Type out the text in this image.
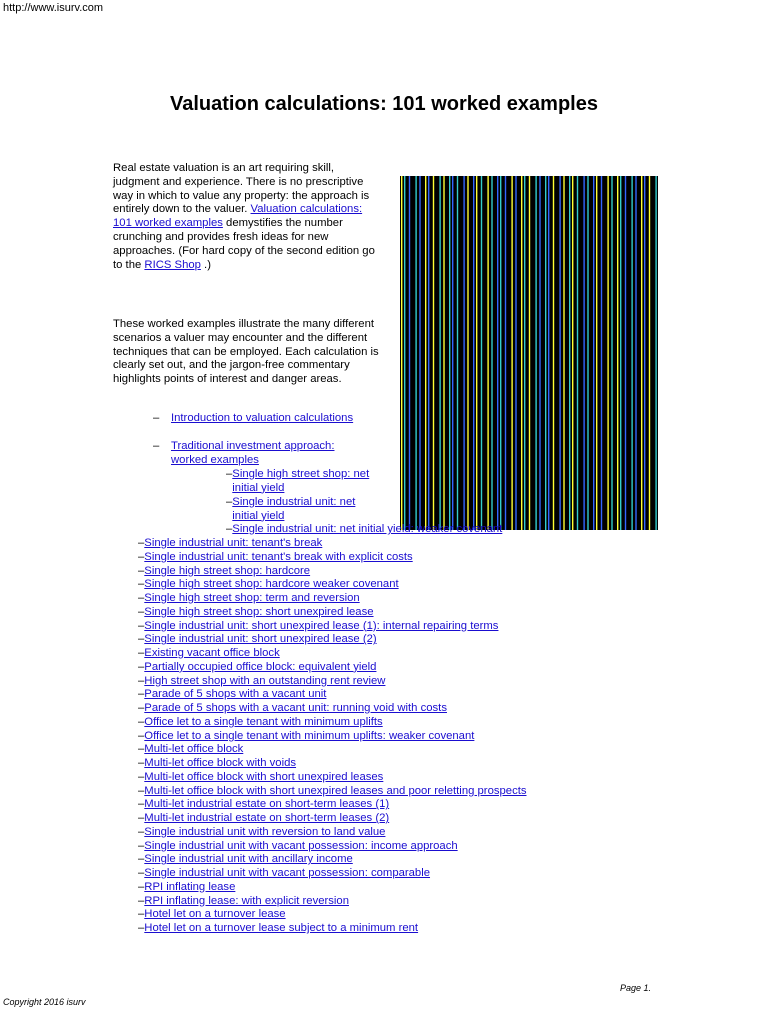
http://www.isurv.com
Valuation calculations: 101 worked examples

Real estate valuation is an art requiring skill, judgment and experience. There is no prescriptive way in which to value any property: the approach is entirely down to the valuer. Valuation calculations: 101 worked examples demystifies the number crunching and provides fresh ideas for new approaches. (For hard copy of the second edition go to the RICS Shop .)

These worked examples illustrate the many different scenarios a valuer may encounter and the different techniques that can be employed. Each calculation is clearly set out, and the jargon-free commentary highlights points of interest and danger areas.

– Introduction to valuation calculations
– Traditional investment approach: worked examples
–Single high street shop: net initial yield
–Single industrial unit: net initial yield
–Single industrial unit: net initial yield: weaker covenant
–Single industrial unit: tenant's break
–Single industrial unit: tenant's break with explicit costs
–Single high street shop: hardcore
–Single high street shop: hardcore weaker covenant
–Single high street shop: term and reversion
–Single high street shop: short unexpired lease
–Single industrial unit: short unexpired lease (1): internal repairing terms
–Single industrial unit: short unexpired lease (2)
–Existing vacant office block
–Partially occupied office block: equivalent yield
–High street shop with an outstanding rent review
–Parade of 5 shops with a vacant unit
–Parade of 5 shops with a vacant unit: running void with costs
–Office let to a single tenant with minimum uplifts
–Office let to a single tenant with minimum uplifts: weaker covenant
–Multi-let office block
–Multi-let office block with voids
–Multi-let office block with short unexpired leases
–Multi-let office block with short unexpired leases and poor reletting prospects
–Multi-let industrial estate on short-term leases (1)
–Multi-let industrial estate on short-term leases (2)
–Single industrial unit with reversion to land value
–Single industrial unit with vacant possession: income approach
–Single industrial unit with ancillary income
–Single industrial unit with vacant possession: comparable
–RPI inflating lease
–RPI inflating lease: with explicit reversion
–Hotel let on a turnover lease
–Hotel let on a turnover lease subject to a minimum rent
Page 1.
Copyright 2016 isurv
